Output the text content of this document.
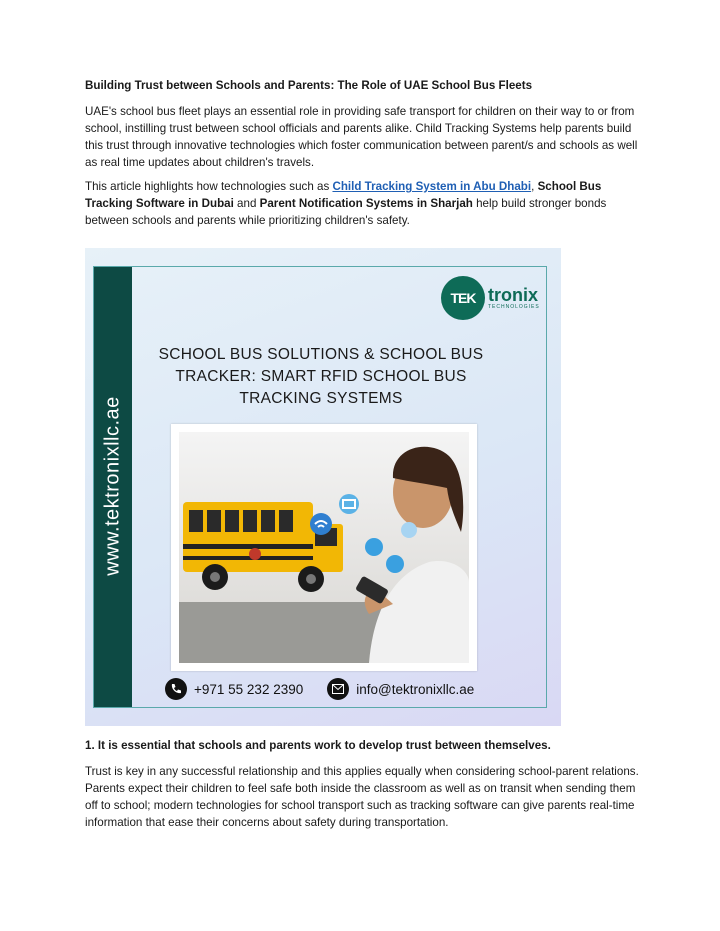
Building Trust between Schools and Parents: The Role of UAE School Bus Fleets

UAE's school bus fleet plays an essential role in providing safe transport for children on their way to or from school, instilling trust between school officials and parents alike. Child Tracking Systems help parents build this trust through innovative technologies which foster communication between parent/s and schools as well as real time updates about children's travels.

This article highlights how technologies such as Child Tracking System in Abu Dhabi, School Bus Tracking Software in Dubai and Parent Notification Systems in Sharjah help build stronger bonds between schools and parents while prioritizing children's safety.

www.tektronixllc.ae
TEK tronix
TECHNOLOGIES
SCHOOL BUS SOLUTIONS & SCHOOL BUS TRACKER: SMART RFID SCHOOL BUS TRACKING SYSTEMS
+971 55 232 2390	info@tektronixllc.ae
1. It is essential that schools and parents work to develop trust between themselves.

Trust is key in any successful relationship and this applies equally when considering school-parent relations. Parents expect their children to feel safe both inside the classroom as well as on transit when sending them off to school; modern technologies for school transport such as tracking software can give parents real-time information that ease their concerns about safety during transportation.
